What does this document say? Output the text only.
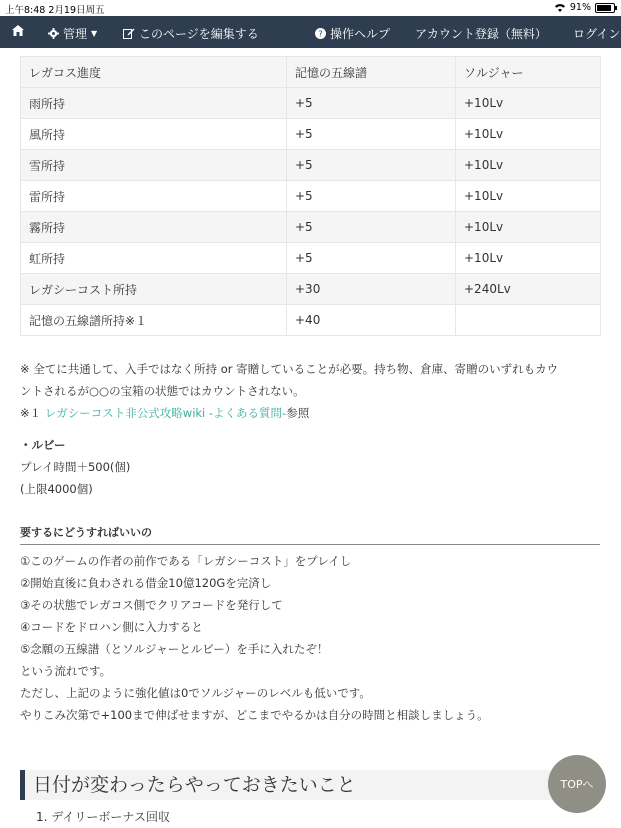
上午8:48 2月19日周五	91%
管理 ▼	このページを編集する	? 操作ヘルプ アカウント登録（無料） ログイン
レガコス進度	記憶の五線譜	ソルジャー
雨所持	+5	+10Lv
風所持	+5	+10Lv
雪所持	+5	+10Lv
雷所持	+5	+10Lv
霧所持	+5	+10Lv
虹所持	+5	+10Lv
レガシーコスト所持	+30	+240Lv
記憶の五線譜所持※１	+40	
※ 全てに共通して、入手ではなく所持 or 寄贈していることが必要。持ち物、倉庫、寄贈のいずれもカウ
ントされるが○○の宝箱の状態ではカウントされない。
※１ レガシーコスト非公式攻略wiki -よくある質問-参照
・ルビー
プレイ時間＋500(個)
(上限4000個)
要するにどうすればいいの
①このゲームの作者の前作である「レガシーコスト」をプレイし
②開始直後に負わされる借金10億120Gを完済し
③その状態でレガコス側でクリアコードを発行して
④コードをドロハン側に入力すると
⑤念願の五線譜（とソルジャーとルビー）を手に入れたぞ！
という流れです。
ただし、上記のように強化値は0でソルジャーのレベルも低いです。
やりこみ次第で+100まで伸ばせますが、どこまでやるかは自分の時間と相談しましょう。
日付が変わったらやっておきたいこと
1. デイリーボーナス回収
TOPへ
